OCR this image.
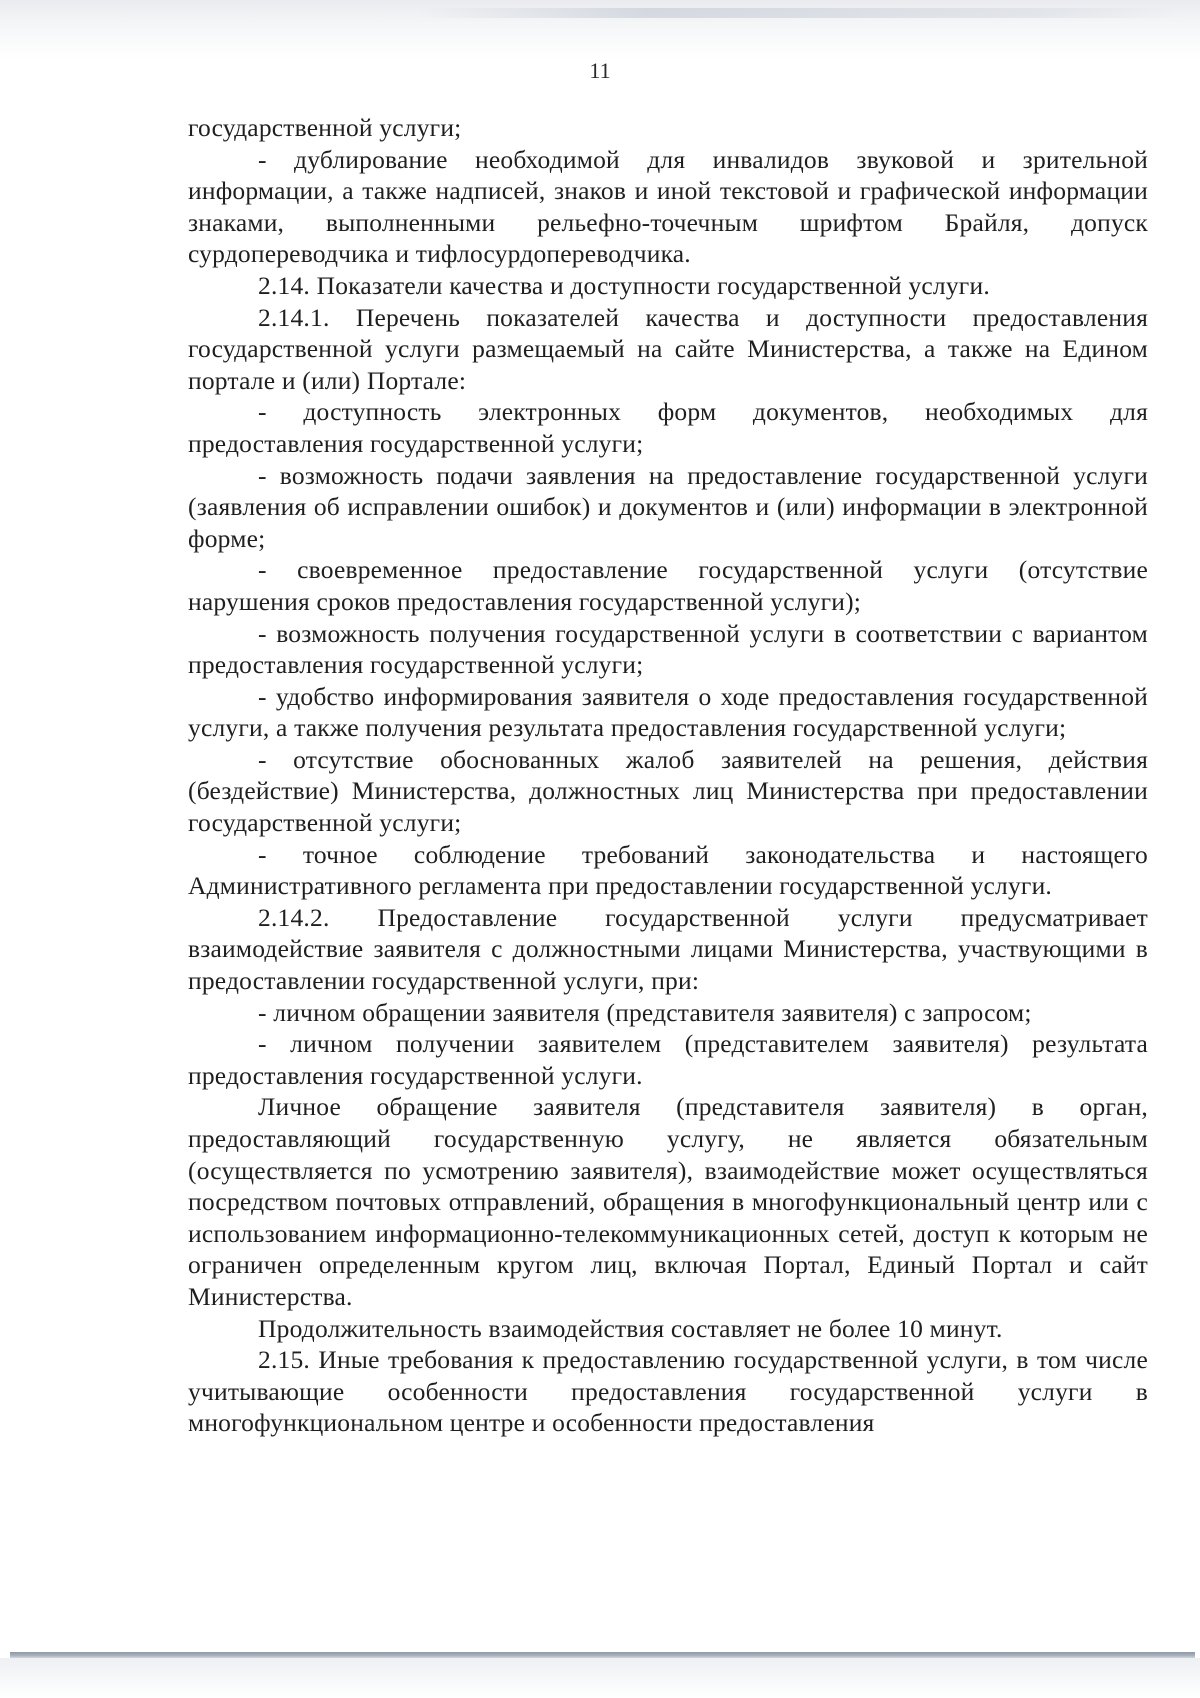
11

государственной услуги;

- дублирование необходимой для инвалидов звуковой и зрительной информации, а также надписей, знаков и иной текстовой и графической информации знаками, выполненными рельефно-точечным шрифтом Брайля, допуск сурдопереводчика и тифлосурдопереводчика.

2.14. Показатели качества и доступности государственной услуги.

2.14.1. Перечень показателей качества и доступности предоставления государственной услуги размещаемый на сайте Министерства, а также на Едином портале и (или) Портале:

- доступность электронных форм документов, необходимых для предоставления государственной услуги;

- возможность подачи заявления на предоставление государственной услуги (заявления об исправлении ошибок) и документов и (или) информации в электронной форме;

- своевременное предоставление государственной услуги (отсутствие нарушения сроков предоставления государственной услуги);

- возможность получения государственной услуги в соответствии с вариантом предоставления государственной услуги;

- удобство информирования заявителя о ходе предоставления государственной услуги, а также получения результата предоставления государственной услуги;

- отсутствие обоснованных жалоб заявителей на решения, действия (бездействие) Министерства, должностных лиц Министерства при предоставлении государственной услуги;

- точное соблюдение требований законодательства и настоящего Административного регламента при предоставлении государственной услуги.

2.14.2. Предоставление государственной услуги предусматривает взаимодействие заявителя с должностными лицами Министерства, участвующими в предоставлении государственной услуги, при:

- личном обращении заявителя (представителя заявителя) с запросом;

- личном получении заявителем (представителем заявителя) результата предоставления государственной услуги.

Личное обращение заявителя (представителя заявителя) в орган, предоставляющий государственную услугу, не является обязательным (осуществляется по усмотрению заявителя), взаимодействие может осуществляться посредством почтовых отправлений, обращения в многофункциональный центр или с использованием информационно-телекоммуникационных сетей, доступ к которым не ограничен определенным кругом лиц, включая Портал, Единый Портал и сайт Министерства.

Продолжительность взаимодействия составляет не более 10 минут.

2.15. Иные требования к предоставлению государственной услуги, в том числе учитывающие особенности предоставления государственной услуги в многофункциональном центре и особенности предоставления
